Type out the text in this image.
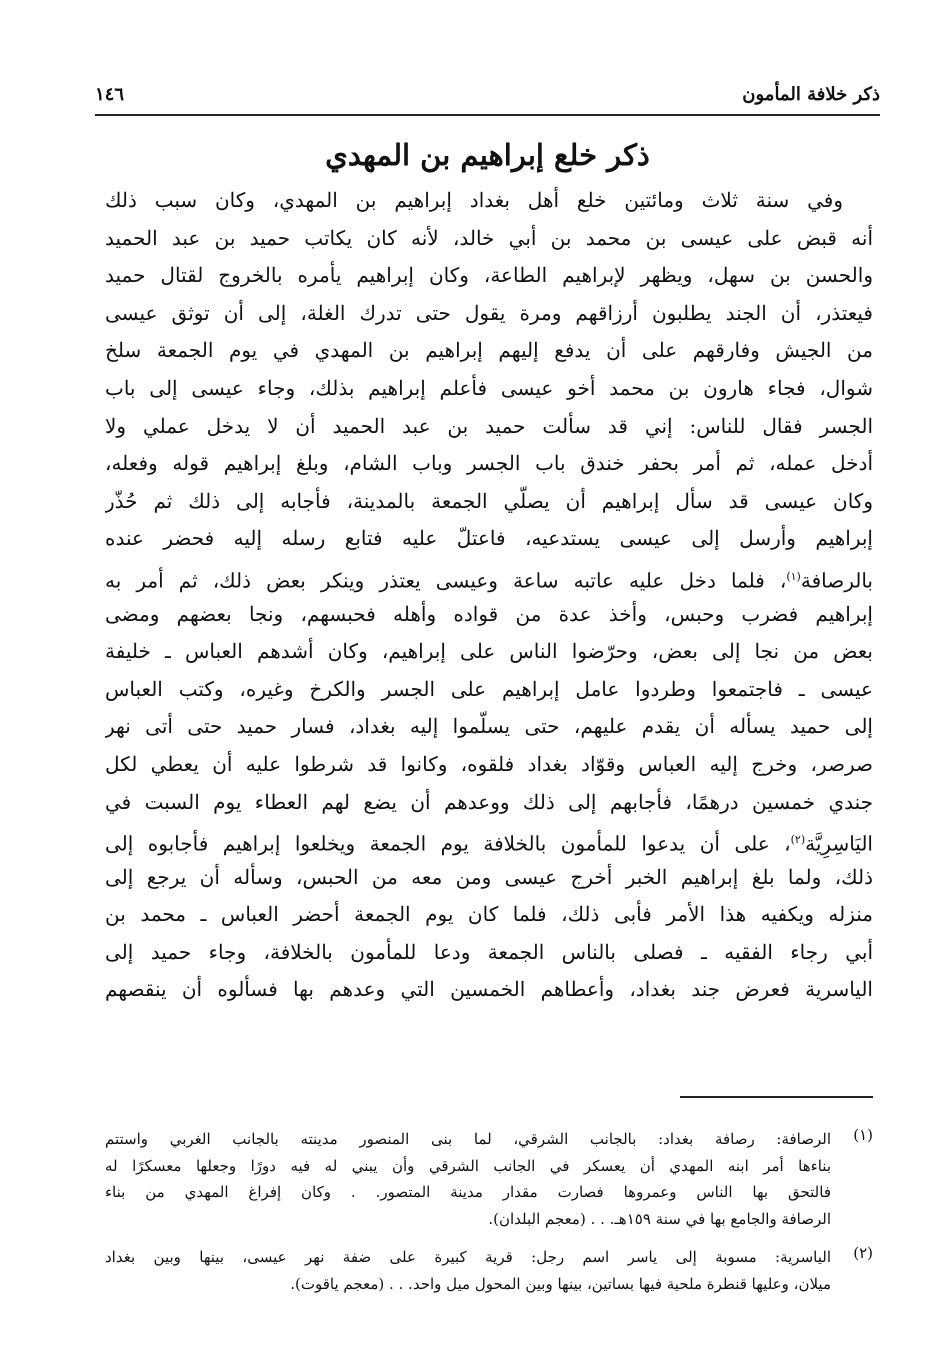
ذكر خلافة المأمون
١٤٦
ذكر خلع إبراهيم بن المهدي
وفي سنة ثلاث ومائتين خلع أهل بغداد إبراهيم بن المهدي، وكان سبب ذلك
أنه قبض على عيسى بن محمد بن أبي خالد، لأنه كان يكاتب حميد بن عبد الحميد
والحسن بن سهل، ويظهر لإبراهيم الطاعة، وكان إبراهيم يأمره بالخروج لقتال حميد
فيعتذر، أن الجند يطلبون أرزاقهم ومرة يقول حتى تدرك الغلة، إلى أن توثق عيسى
من الجيش وفارقهم على أن يدفع إليهم إبراهيم بن المهدي في يوم الجمعة سلخ
شوال، فجاء هارون بن محمد أخو عيسى فأعلم إبراهيم بذلك، وجاء عيسى إلى باب
الجسر فقال للناس: إني قد سألت حميد بن عبد الحميد أن لا يدخل عملي ولا
أدخل عمله، ثم أمر بحفر خندق باب الجسر وباب الشام، وبلغ إبراهيم قوله وفعله،
وكان عيسى قد سأل إبراهيم أن يصلّي الجمعة بالمدينة، فأجابه إلى ذلك ثم حُذّر
إبراهيم وأرسل إلى عيسى يستدعيه، فاعتلّ عليه فتابع رسله إليه فحضر عنده
بالرصافة$^{(١)}$، فلما دخل عليه عاتبه ساعة وعيسى يعتذر وينكر بعض ذلك، ثم أمر به
إبراهيم فضرب وحبس، وأخذ عدة من قواده وأهله فحبسهم، ونجا بعضهم ومضى
بعض من نجا إلى بعض، وحرّضوا الناس على إبراهيم، وكان أشدهم العباس ـ خليفة
عيسى ـ فاجتمعوا وطردوا عامل إبراهيم على الجسر والكرخ وغيره، وكتب العباس
إلى حميد يسأله أن يقدم عليهم، حتى يسلّموا إليه بغداد، فسار حميد حتى أتى نهر
صرصر، وخرج إليه العباس وقوّاد بغداد فلقوه، وكانوا قد شرطوا عليه أن يعطي لكل
جندي خمسين درهمًا، فأجابهم إلى ذلك ووعدهم أن يضع لهم العطاء يوم السبت في
اليَاسِرِيَّة$^{(٢)}$، على أن يدعوا للمأمون بالخلافة يوم الجمعة ويخلعوا إبراهيم فأجابوه إلى
ذلك، ولما بلغ إبراهيم الخبر أخرج عيسى ومن معه من الحبس، وسأله أن يرجع إلى
منزله ويكفيه هذا الأمر فأبى ذلك، فلما كان يوم الجمعة أحضر العباس ـ محمد بن
أبي رجاء الفقيه ـ فصلى بالناس الجمعة ودعا للمأمون بالخلافة، وجاء حميد إلى
الياسرية فعرض جند بغداد، وأعطاهم الخمسين التي وعدهم بها فسألوه أن ينقصهم
(١)
الرصافة: رصافة بغداد: بالجانب الشرقي، لما بنى المنصور مدينته بالجانب الغربي واستتم
بناءها أمر ابنه المهدي أن يعسكر في الجانب الشرقي وأن يبني له فيه دورًا وجعلها معسكرًا له
فالتحق بها الناس وعمروها فصارت مقدار مدينة المتصور. . وكان إفراغ المهدي من بناء
الرصافة والجامع بها في سنة ١٥٩هـ. . . (معجم البلدان).
(٢)
الياسرية: مسوبة إلى ياسر اسم رجل: قرية كبيرة على ضفة نهر عيسى، بينها وبين بغداد
ميلان، وعليها قنطرة ملحية فيها بساتين، بينها وبين المحول ميل واحد. . . (معجم ياقوت).
